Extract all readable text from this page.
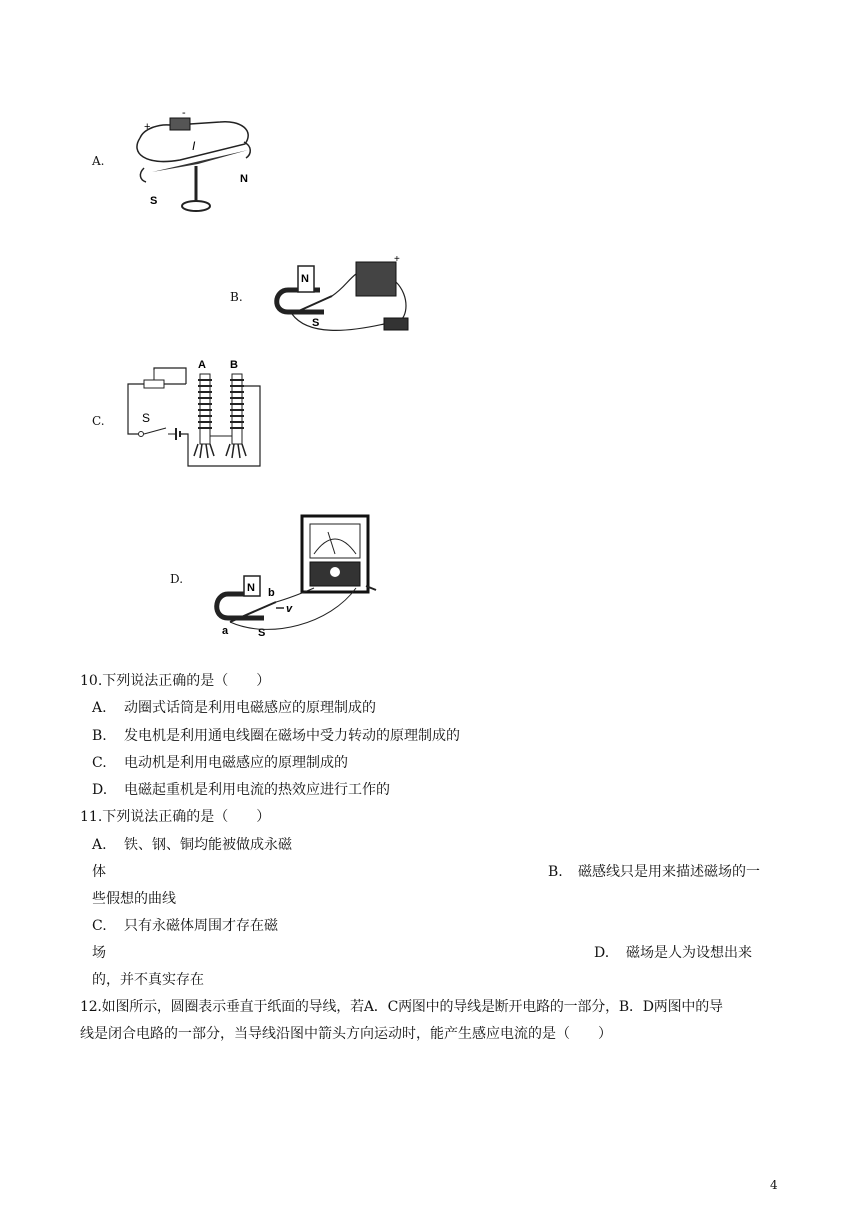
A.
+
-
I
N
S
B.
N
S
+
C.	S
A B
D.
N
S
a
b
v
10.下列说法正确的是（　　）
A. 动圈式话筒是利用电磁感应的原理制成的
B. 发电机是利用通电线圈在磁场中受力转动的原理制成的
C. 电动机是利用电磁感应的原理制成的
D. 电磁起重机是利用电流的热效应进行工作的
11.下列说法正确的是（　　）
A. 铁、钢、铜均能被做成永磁
体	B. 磁感线只是用来描述磁场的一
些假想的曲线
C. 只有永磁体周围才存在磁
场	D. 磁场是人为设想出来
的，并不真实存在
12.如图所示，圆圈表示垂直于纸面的导线，若A．C两图中的导线是断开电路的一部分，B．D两图中的导
线是闭合电路的一部分，当导线沿图中箭头方向运动时，能产生感应电流的是（　　）
4
